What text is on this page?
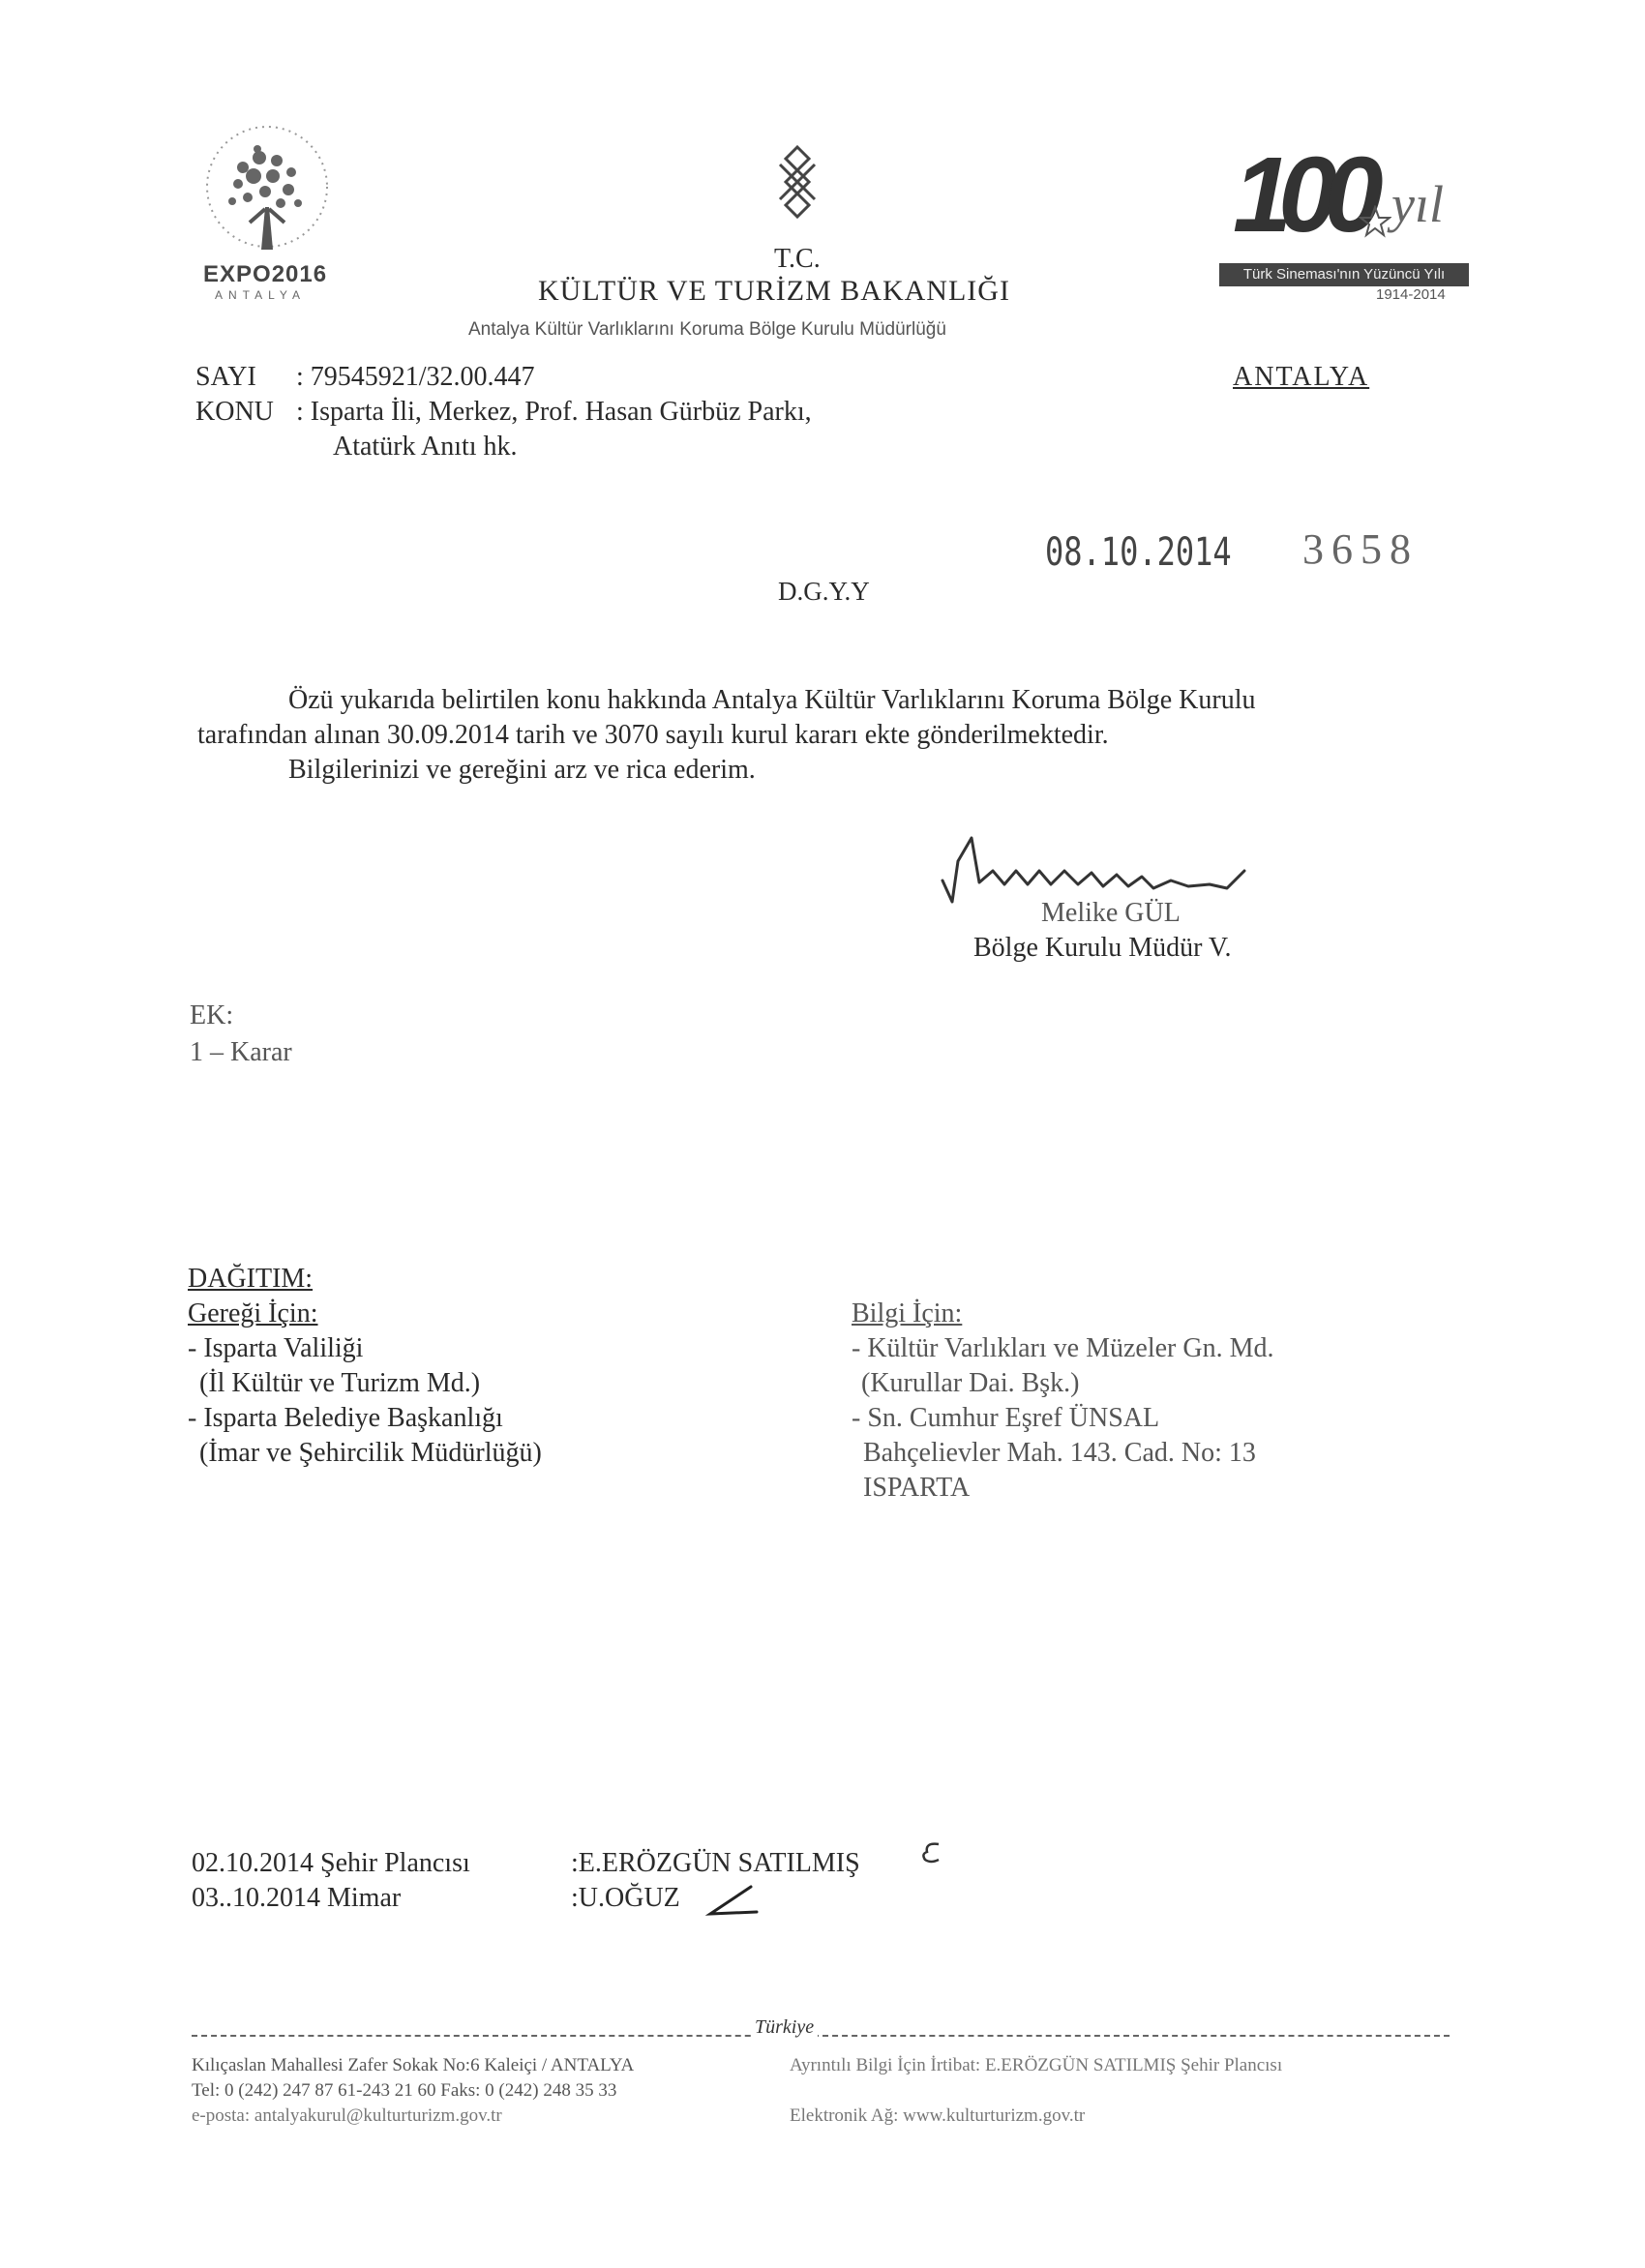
EXPO2016
ANTALYA
T.C.
KÜLTÜR VE TURİZM BAKANLIĞI
Antalya Kültür Varlıklarını Koruma Bölge Kurulu Müdürlüğü
100 yıl
Türk Sineması'nın Yüzüncü Yılı
1914-2014
SAYI : 79545921/32.00.447
KONU : Isparta İli, Merkez, Prof. Hasan Gürbüz Parkı,
Atatürk Anıtı hk.
ANTALYA
08.10.2014 3658
D.G.Y.Y
Özü yukarıda belirtilen konu hakkında Antalya Kültür Varlıklarını Koruma Bölge Kurulu
tarafından alınan 30.09.2014 tarih ve 3070 sayılı kurul kararı ekte gönderilmektedir.
Bilgilerinizi ve gereğini arz ve rica ederim.
Melike GÜL
Bölge Kurulu Müdür V.
EK:
1 – Karar
DAĞITIM:
Gereği İçin:
- Isparta Valiliği
(İl Kültür ve Turizm Md.)
- Isparta Belediye Başkanlığı
(İmar ve Şehircilik Müdürlüğü)
Bilgi İçin:
- Kültür Varlıkları ve Müzeler Gn. Md.
(Kurullar Dai. Bşk.)
- Sn. Cumhur Eşref ÜNSAL
Bahçelievler Mah. 143. Cad. No: 13
ISPARTA
02.10.2014 Şehir Plancısı	:E.ERÖZGÜN SATILMIŞ
03..10.2014 Mimar	:U.OĞUZ
Türkiye
Kılıçaslan Mahallesi Zafer Sokak No:6 Kaleiçi / ANTALYA
Tel: 0 (242) 247 87 61-243 21 60 Faks: 0 (242) 248 35 33
e-posta: antalyakurul@kulturturizm.gov.tr
Ayrıntılı Bilgi İçin İrtibat: E.ERÖZGÜN SATILMIŞ Şehir Plancısı
Elektronik Ağ: www.kulturturizm.gov.tr
